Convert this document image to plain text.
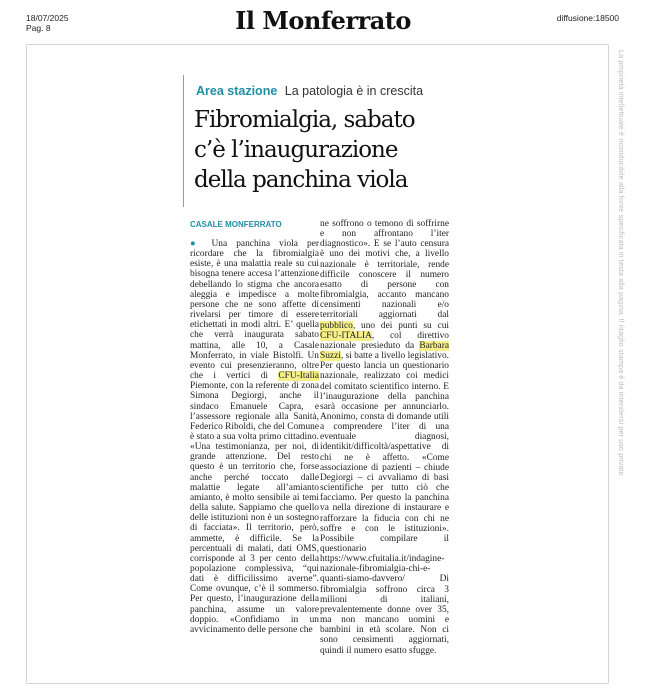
18/07/2025
Pag. 8	Il Monferrato	diffusione:18500
La proprietà intellettuale è riconducibile alla fonte specificata in testa alla pagina. Il ritaglio stampa è da intendersi per uso privato
Area stazione La patologia è in crescita
Fibromialgia, sabato
c’è l’inaugurazione
della panchina viola
CASALE MONFERRATO

● Una panchina viola per ricordare che la fibromialgia esiste, è una malattia reale su cui bisogna tenere accesa l’attenzione debellando lo stigma che ancora aleggia e impedisce a molte persone che ne sono affette di rivelarsi per timore di essere etichettati in modi altri. E’ quella che verrà inaugurata sabato mattina, alle 10, a Casale Monferrato, in viale Bistolfi. Un evento cui presenzieranno, oltre che i vertici di CFU-Italia Piemonte, con la referente di zona Simona Degiorgi, anche il sindaco Emanuele Capra, e l’assessore regionale alla Sanità, Federico Riboldi, che del Comune è stato a sua volta primo cittadino.

«Una testimonianza, per noi, di grande attenzione. Del resto questo è un territorio che, forse anche perché toccato dalle malattie legate all’amianto amianto, è molto sensibile ai temi della salute. Sappiamo che quello delle istituzioni non è un sostegno di facciata». Il territorio, però, ammette, è difficile. Se la percentuali di malati, dati OMS, corrisponde al 3 per cento della popolazione complessiva, “qui dati è difficilissimo averne”. Come ovunque, c’è il sommerso. Per questo, l’inaugurazione della panchina, assume un valore doppio. «Confidiamo in un avvicinamento delle persone che

ne soffrono o temono di soffrirne e non affrontano l’iter diagnostico». E se l’auto censura è uno dei motivi che, a livello nazionale è territoriale, rende difficile conoscere il numero esatto di persone con fibromialgia, accanto mancano censimenti nazionali e/o territoriali aggiornati dal pubblico, uno dei punti su cui CFU-ITALIA, col direttivo nazionale presieduto da Barbara Suzzi, si batte a livello legislativo. Per questo lancia un questionario nazionale, realizzato coi medici del comitato scientifico interno. E l’inaugurazione della panchina sarà occasione per annunciarlo. Anonimo, consta di domande utili a comprendere l’iter di una eventuale diagnosi, identikit/difficoltà/aspettative di chi ne è affetto. «Come associazione di pazienti – chiude Degiorgi – ci avvaliamo di basi scientifiche per tutto ciò che facciamo. Per questo la panchina va nella direzione di instaurare e rafforzare la fiducia con chi ne soffre e con le istituzioni». Possibile compilare il questionario https://www.cfuitalia.it/indagine-nazionale-fibromialgia-chi-e-quanti-siamo-davvero/ Di fibromialgia soffrono circa 3 milioni di italiani, prevalentemente donne over 35, ma non mancano uomini e bambini in età scolare. Non ci sono censimenti aggiornati, quindi il numero esatto sfugge.
